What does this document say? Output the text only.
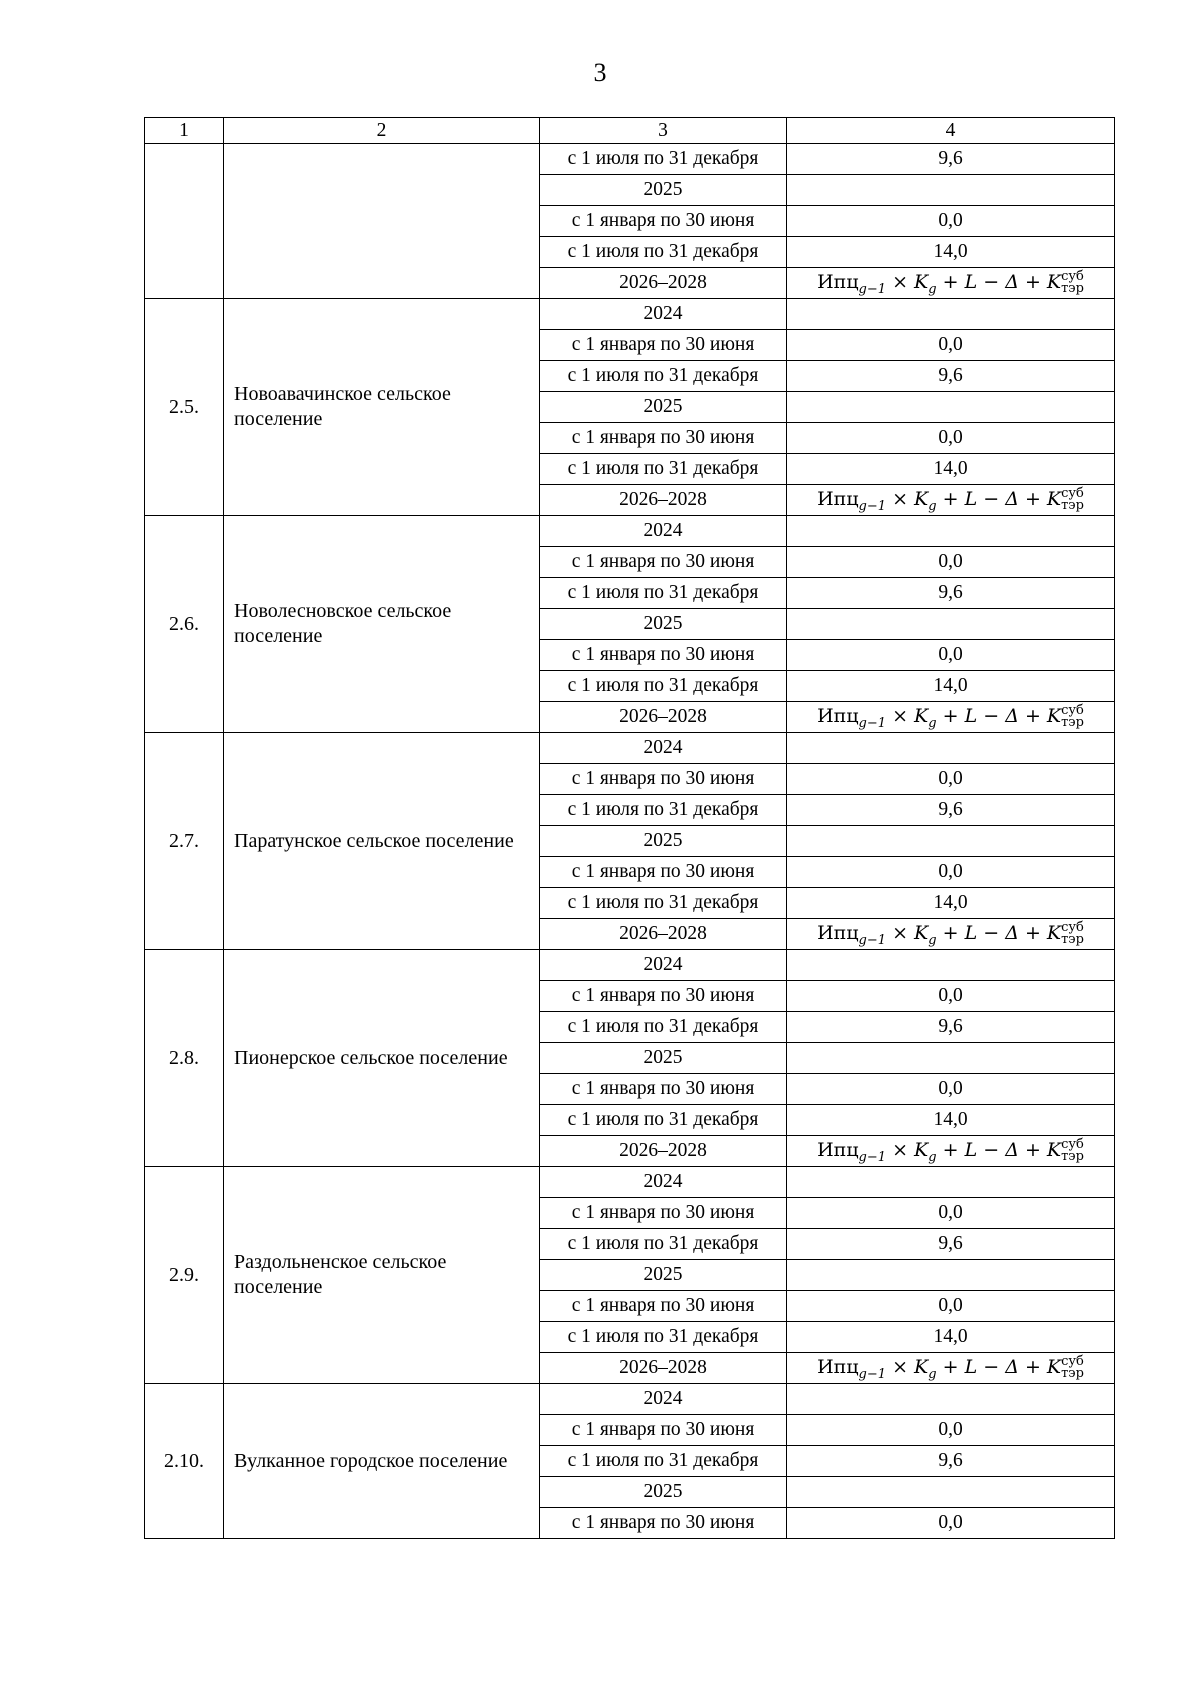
3
1	2	3	4
		с 1 июля по 31 декабря	9,6
		2025	
		с 1 января по 30 июня	0,0
		с 1 июля по 31 декабря	14,0
		2026–2028	$Ипц_{g-1} \times K_g + L - \Delta + K$ суб
тэр

2.5.	Новоавачинское сельское поселение	2024	
		с 1 января по 30 июня	0,0
		с 1 июля по 31 декабря	9,6
		2025	
		с 1 января по 30 июня	0,0
		с 1 июля по 31 декабря	14,0
		2026–2028	$Ипц_{g-1} \times K_g + L - \Delta + K$ суб
тэр

2.6.	Новолесновское сельское поселение	2024	
		с 1 января по 30 июня	0,0
		с 1 июля по 31 декабря	9,6
		2025	
		с 1 января по 30 июня	0,0
		с 1 июля по 31 декабря	14,0
		2026–2028	$Ипц_{g-1} \times K_g + L - \Delta + K$ суб
тэр

2.7.	Паратунское сельское поселение	2024	
		с 1 января по 30 июня	0,0
		с 1 июля по 31 декабря	9,6
		2025	
		с 1 января по 30 июня	0,0
		с 1 июля по 31 декабря	14,0
		2026–2028	$Ипц_{g-1} \times K_g + L - \Delta + K$ суб
тэр

2.8.	Пионерское сельское поселение	2024	
		с 1 января по 30 июня	0,0
		с 1 июля по 31 декабря	9,6
		2025	
		с 1 января по 30 июня	0,0
		с 1 июля по 31 декабря	14,0
		2026–2028	$Ипц_{g-1} \times K_g + L - \Delta + K$ суб
тэр

2.9.	Раздольненское сельское поселение	2024	
		с 1 января по 30 июня	0,0
		с 1 июля по 31 декабря	9,6
		2025	
		с 1 января по 30 июня	0,0
		с 1 июля по 31 декабря	14,0
		2026–2028	$Ипц_{g-1} \times K_g + L - \Delta + K$ суб
тэр

2.10.	Вулканное городское поселение	2024	
		с 1 января по 30 июня	0,0
		с 1 июля по 31 декабря	9,6
		2025	
		с 1 января по 30 июня	0,0
